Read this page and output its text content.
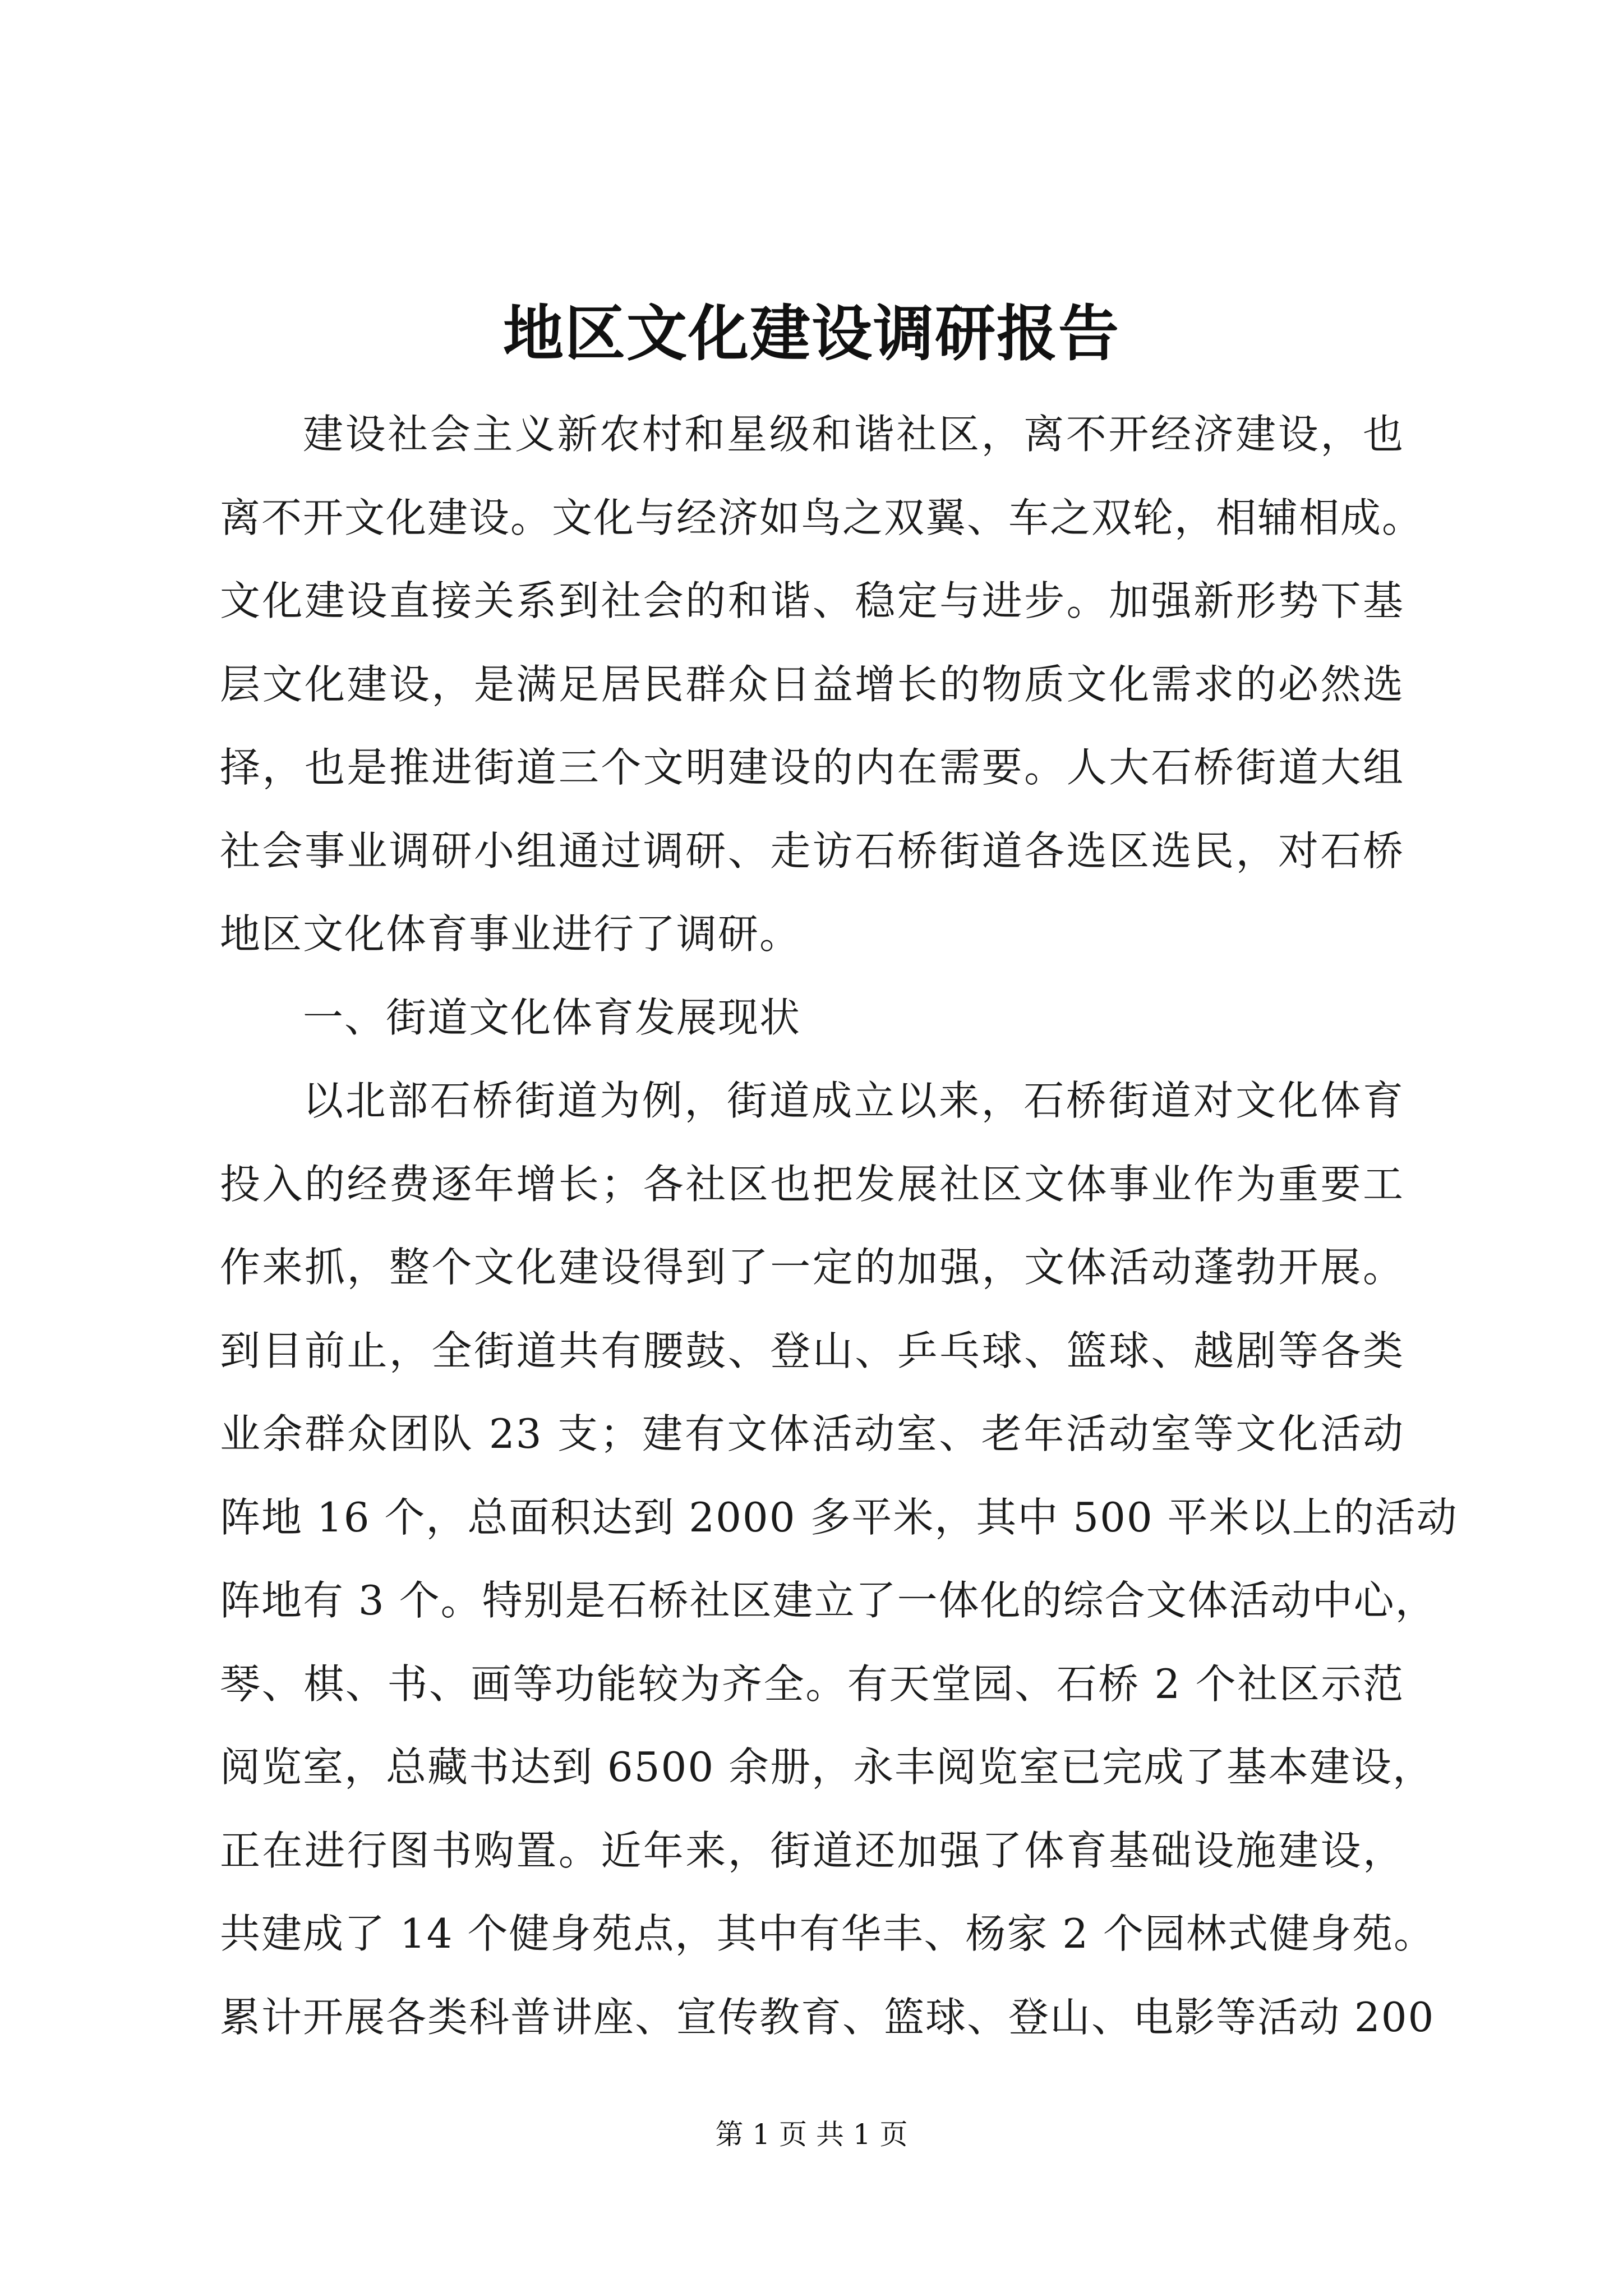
地区文化建设调研报告
建设社会主义新农村和星级和谐社区，离不开经济建设，也
离不开文化建设。文化与经济如鸟之双翼、车之双轮，相辅相成。
文化建设直接关系到社会的和谐、稳定与进步。加强新形势下基
层文化建设，是满足居民群众日益增长的物质文化需求的必然选
择，也是推进街道三个文明建设的内在需要。人大石桥街道大组
社会事业调研小组通过调研、走访石桥街道各选区选民，对石桥
地区文化体育事业进行了调研。
一、街道文化体育发展现状
以北部石桥街道为例，街道成立以来，石桥街道对文化体育
投入的经费逐年增长；各社区也把发展社区文体事业作为重要工
作来抓，整个文化建设得到了一定的加强，文体活动蓬勃开展。
到目前止，全街道共有腰鼓、登山、乒乓球、篮球、越剧等各类
业余群众团队 23 支；建有文体活动室、老年活动室等文化活动
阵地 16 个，总面积达到 2000 多平米，其中 500 平米以上的活动
阵地有 3 个。特别是石桥社区建立了一体化的综合文体活动中心，
琴、棋、书、画等功能较为齐全。有天堂园、石桥 2 个社区示范
阅览室，总藏书达到 6500 余册，永丰阅览室已完成了基本建设，
正在进行图书购置。近年来，街道还加强了体育基础设施建设，
共建成了 14 个健身苑点，其中有华丰、杨家 2 个园林式健身苑。
累计开展各类科普讲座、宣传教育、篮球、登山、电影等活动 200
第 1 页 共 1 页
